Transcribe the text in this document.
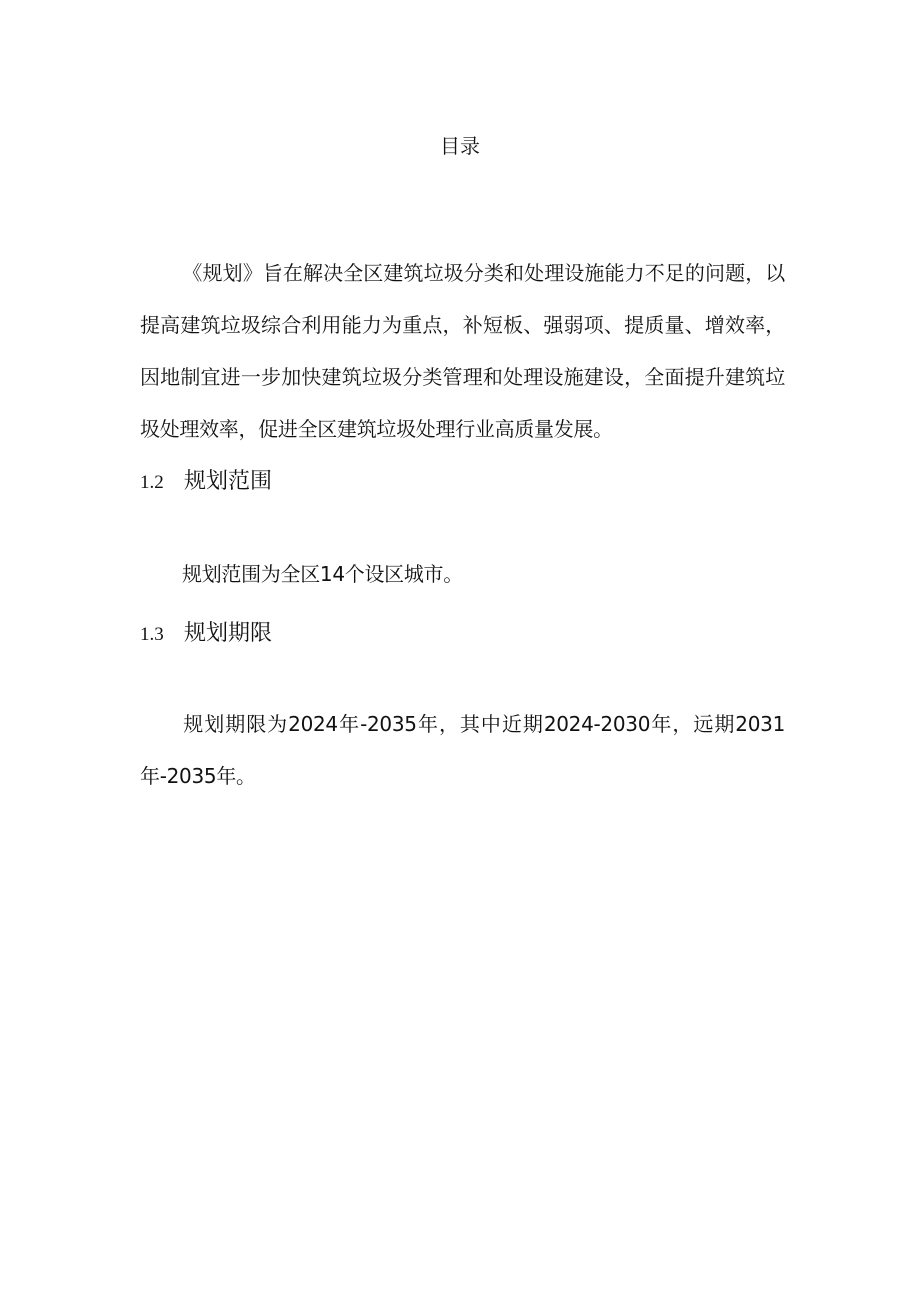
目录

《规划》旨在解决全区建筑垃圾分类和处理设施能力不足的问题，以提高建筑垃圾综合利用能力为重点，补短板、强弱项、提质量、增效率，因地制宜进一步加快建筑垃圾分类管理和处理设施建设，全面提升建筑垃圾处理效率，促进全区建筑垃圾处理行业高质量发展。

1.2 规划范围

规划范围为全区14个设区城市。

1.3 规划期限

规划期限为2024年-2035年，其中近期2024-2030年，远期2031年-2035年。
